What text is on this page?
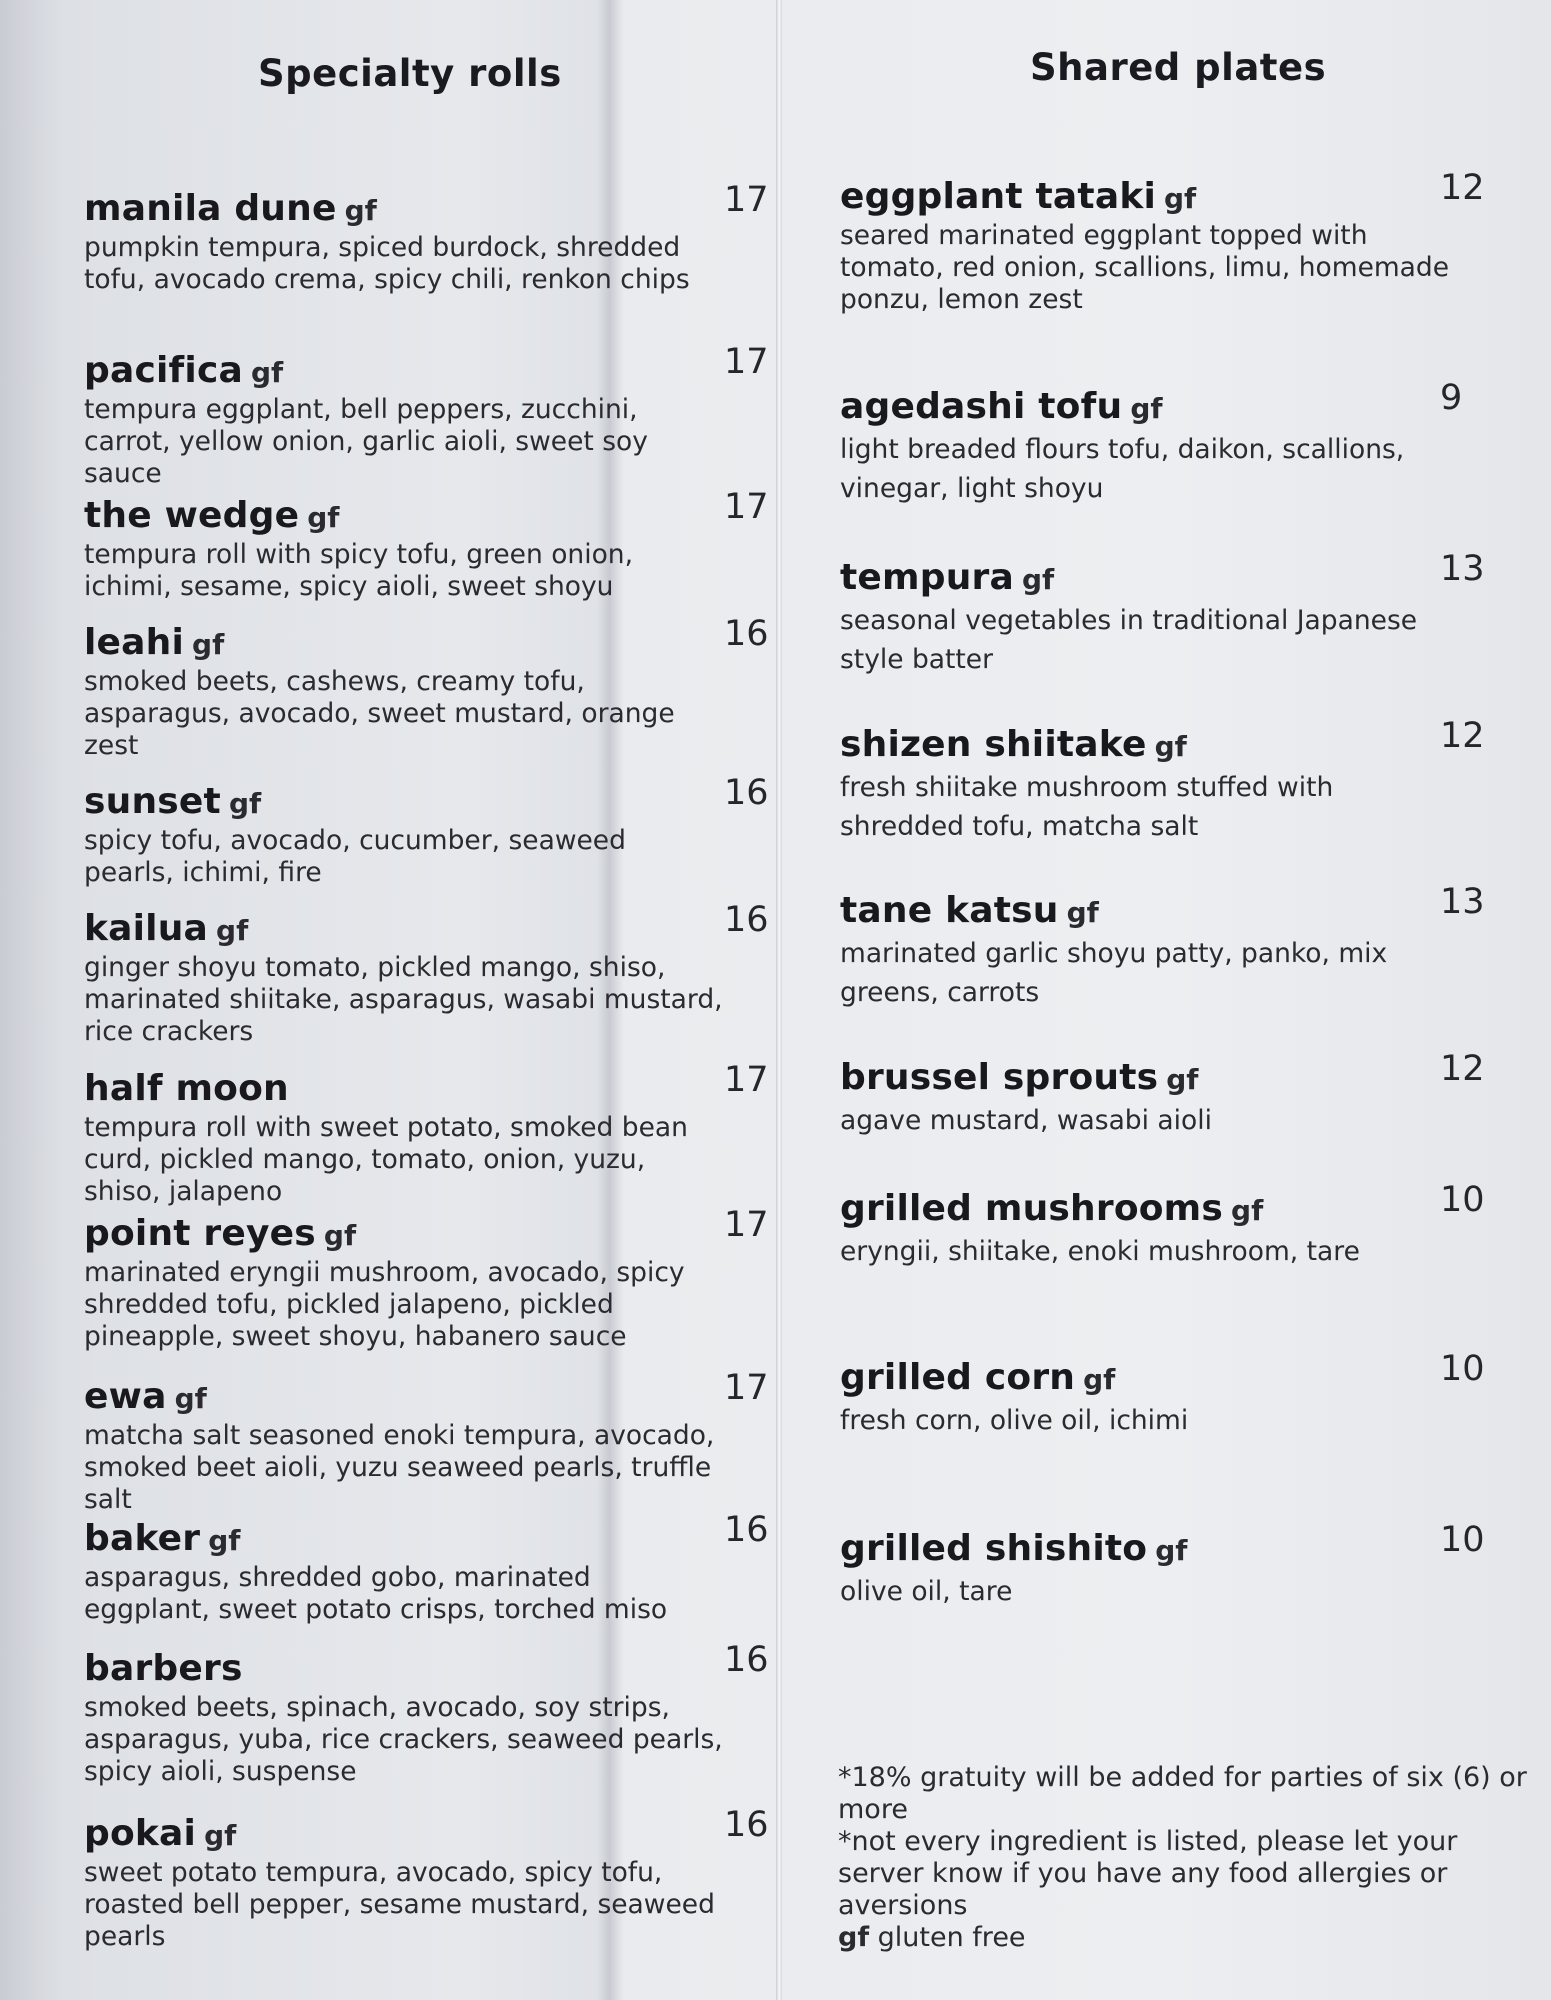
Specialty rolls
manila dune gf	17
pumpkin tempura, spiced burdock, shredded tofu, avocado crema, spicy chili, renkon chips
pacifica gf	17
tempura eggplant, bell peppers, zucchini, carrot, yellow onion, garlic aioli, sweet soy sauce
the wedge gf	17
tempura roll with spicy tofu, green onion, ichimi, sesame, spicy aioli, sweet shoyu
leahi gf	16
smoked beets, cashews, creamy tofu, asparagus, avocado, sweet mustard, orange zest
sunset gf	16
spicy tofu, avocado, cucumber, seaweed pearls, ichimi, fire
kailua gf	16
ginger shoyu tomato, pickled mango, shiso, marinated shiitake, asparagus, wasabi mustard, rice crackers
half moon	17
tempura roll with sweet potato, smoked bean curd, pickled mango, tomato, onion, yuzu, shiso, jalapeno
point reyes gf	17
marinated eryngii mushroom, avocado, spicy shredded tofu, pickled jalapeno, pickled pineapple, sweet shoyu, habanero sauce
ewa gf	17
matcha salt seasoned enoki tempura, avocado, smoked beet aioli, yuzu seaweed pearls, truffle salt
baker gf	16
asparagus, shredded gobo, marinated eggplant, sweet potato crisps, torched miso
barbers	16
smoked beets, spinach, avocado, soy strips, asparagus, yuba, rice crackers, seaweed pearls, spicy aioli, suspense
pokai gf	16
sweet potato tempura, avocado, spicy tofu, roasted bell pepper, sesame mustard, seaweed pearls
Shared plates
eggplant tataki gf	12
seared marinated eggplant topped with tomato, red onion, scallions, limu, homemade ponzu, lemon zest
agedashi tofu gf	9
light breaded flours tofu, daikon, scallions, vinegar, light shoyu
tempura gf	13
seasonal vegetables in traditional Japanese style batter
shizen shiitake gf	12
fresh shiitake mushroom stuffed with shredded tofu, matcha salt
tane katsu gf	13
marinated garlic shoyu patty, panko, mix greens, carrots
brussel sprouts gf	12
agave mustard, wasabi aioli
grilled mushrooms gf	10
eryngii, shiitake, enoki mushroom, tare
grilled corn gf	10
fresh corn, olive oil, ichimi
grilled shishito gf	10
olive oil, tare
*18% gratuity will be added for parties of six (6) or more
*not every ingredient is listed, please let your server know if you have any food allergies or aversions
gf gluten free
